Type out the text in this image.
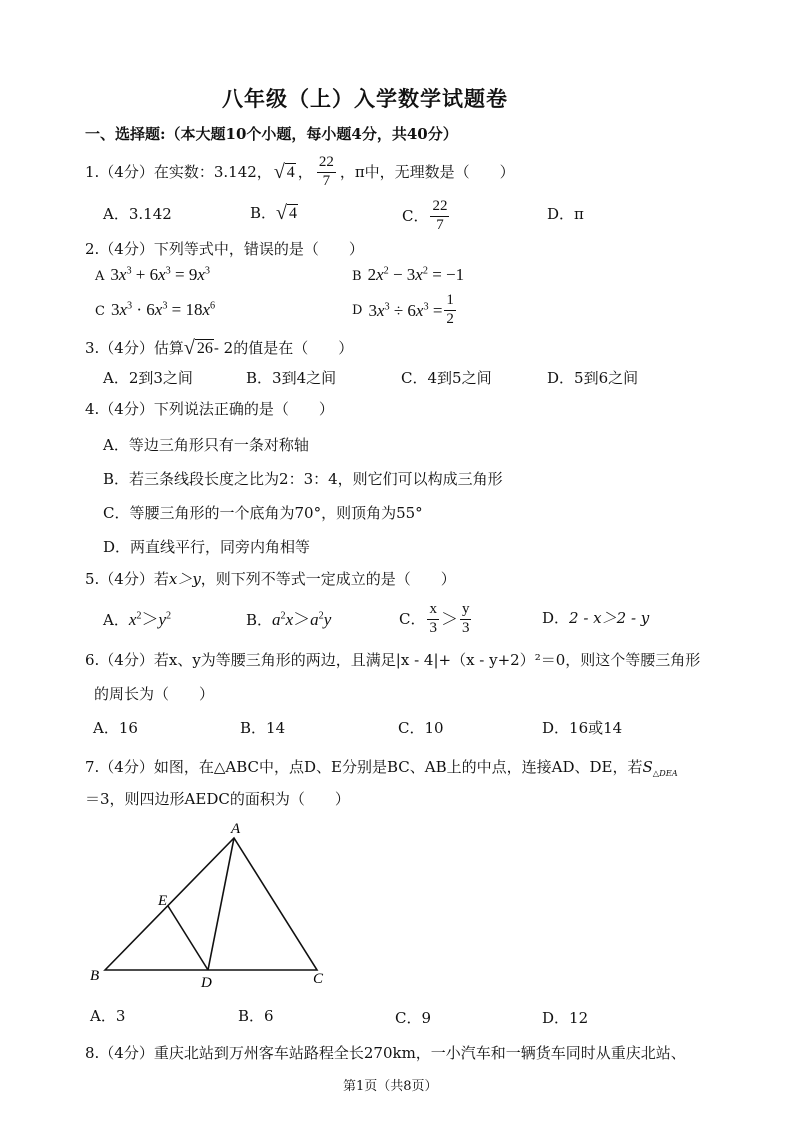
八年级（上）入学数学试题卷
一、选择题:（本大题10个小题，每小题4分，共40分）
1.（4分）在实数：3.142， √ 4 ， $\frac{22}{7}$ ，π中，无理数是（　　）
A．3.142	B． √ 4	C． $\frac{22}{7}$	D．π
2.（4分）下列等式中，错误的是（　　）
A $3x^3 + 6x^3 = 9x^3$	B $2x^2 - 3x^2 = -1$
C $3x^3 \cdot 6x^3 = 18x^6$	D $3x^3 \div 6x^3 = \frac{1}{2}$
3.（4分）估算 √ 26 - 2的值是在（　　）
A．2到3之间	B．3到4之间	C．4到5之间	D．5到6之间
4.（4分）下列说法正确的是（　　）
A．等边三角形只有一条对称轴
B．若三条线段长度之比为2：3：4，则它们可以构成三角形
C．等腰三角形的一个底角为70°，则顶角为55°
D．两直线平行，同旁内角相等
5.（4分）若x＞y，则下列不等式一定成立的是（　　）
A．$x^2>y^2$	B．$a^2x>a^2y$	C． $\frac{x}{3} > \frac{y}{3}$	D．2 - x＞2 - y
6.（4分）若x、y为等腰三角形的两边，且满足|x - 4|+（x - y+2）²＝0，则这个等腰三角形
的周长为（　　）
A．16	B．14	C．10	D．16或14
7.（4分）如图，在△ABC中，点D、E分别是BC、AB上的中点，连接AD、DE，若$S_{\triangle DEA}$
＝3，则四边形AEDC的面积为（　　）
A
B	C
D
E
A．3	B．6	C．9	D．12
8.（4分）重庆北站到万州客车站路程全长270km，一小汽车和一辆货车同时从重庆北站、
第1页（共8页）
